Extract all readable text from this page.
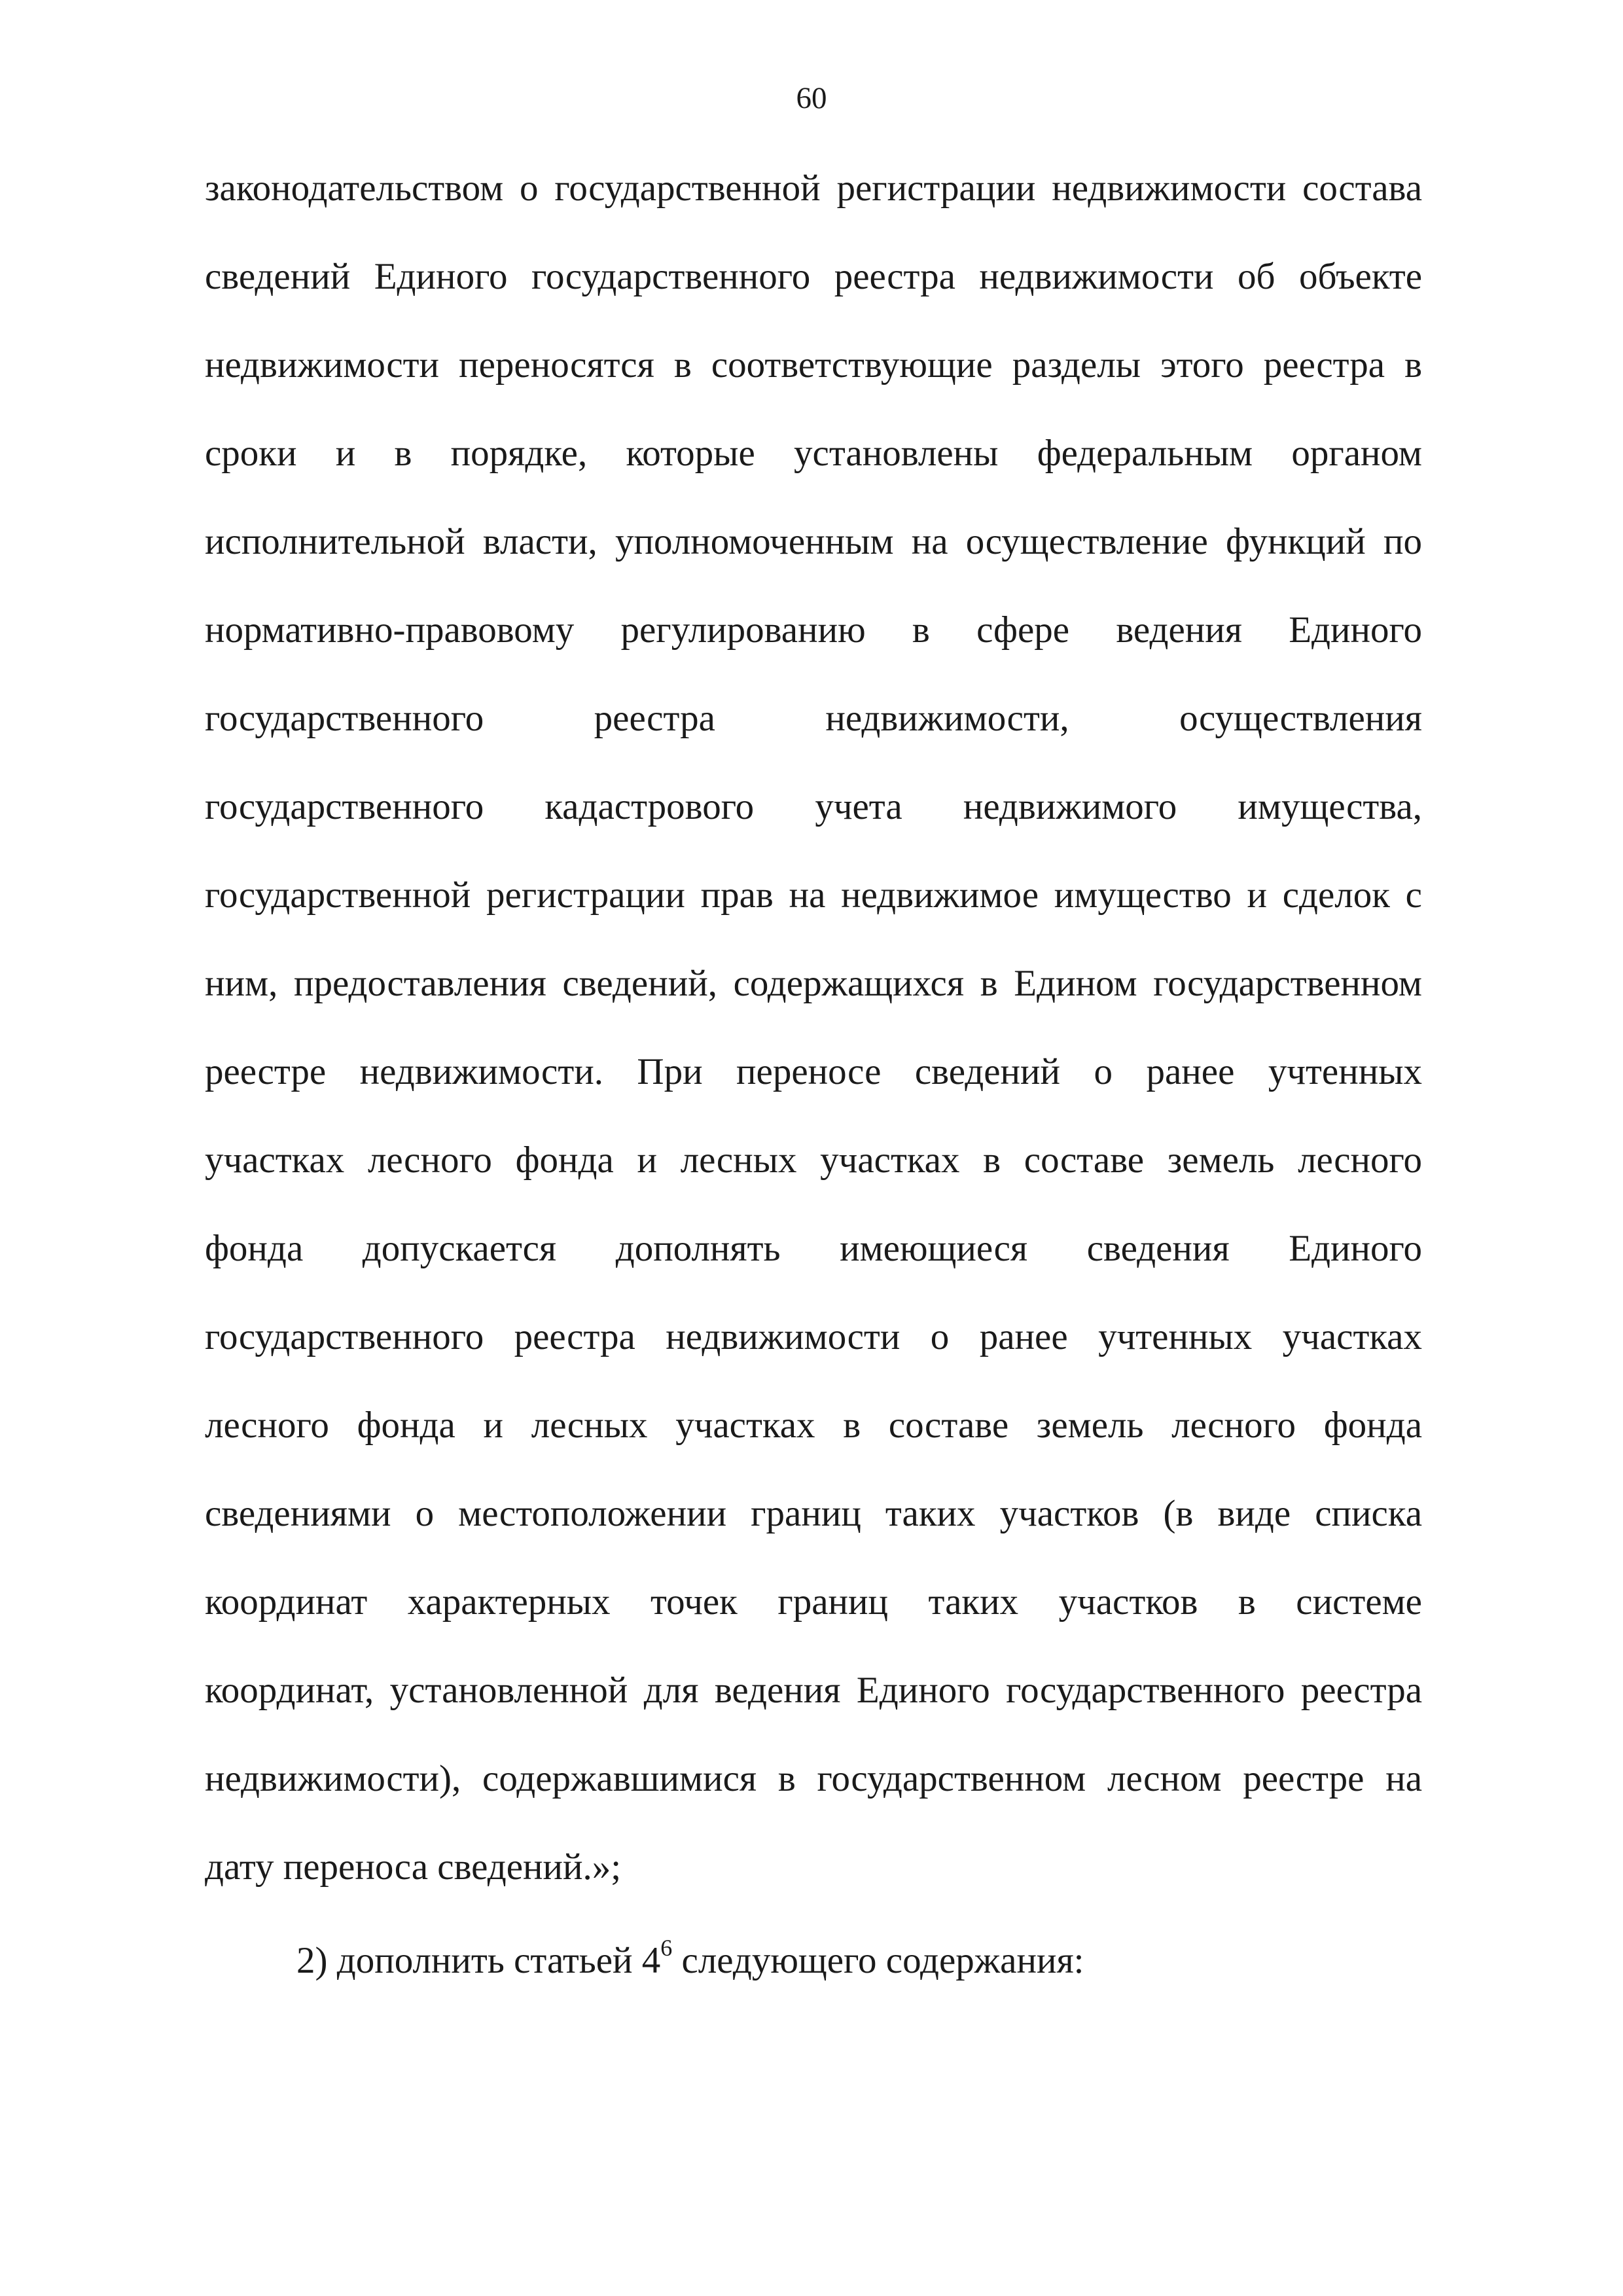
60
законодательством о государственной регистрации недвижимости состава
сведений Единого государственного реестра недвижимости об объекте
недвижимости переносятся в соответствующие разделы этого реестра в
сроки и в порядке, которые установлены федеральным органом
исполнительной власти, уполномоченным на осуществление функций по
нормативно-правовому регулированию в сфере ведения Единого
государственного реестра недвижимости, осуществления
государственного кадастрового учета недвижимого имущества,
государственной регистрации прав на недвижимое имущество и сделок с
ним, предоставления сведений, содержащихся в Едином государственном
реестре недвижимости. При переносе сведений о ранее учтенных
участках лесного фонда и лесных участках в составе земель лесного
фонда допускается дополнять имеющиеся сведения Единого
государственного реестра недвижимости о ранее учтенных участках
лесного фонда и лесных участках в составе земель лесного фонда
сведениями о местоположении границ таких участков (в виде списка
координат характерных точек границ таких участков в системе
координат, установленной для ведения Единого государственного реестра
недвижимости), содержавшимися в государственном лесном реестре на
дату переноса сведений.»;
2) дополнить статьей $4^6$ следующего содержания:
